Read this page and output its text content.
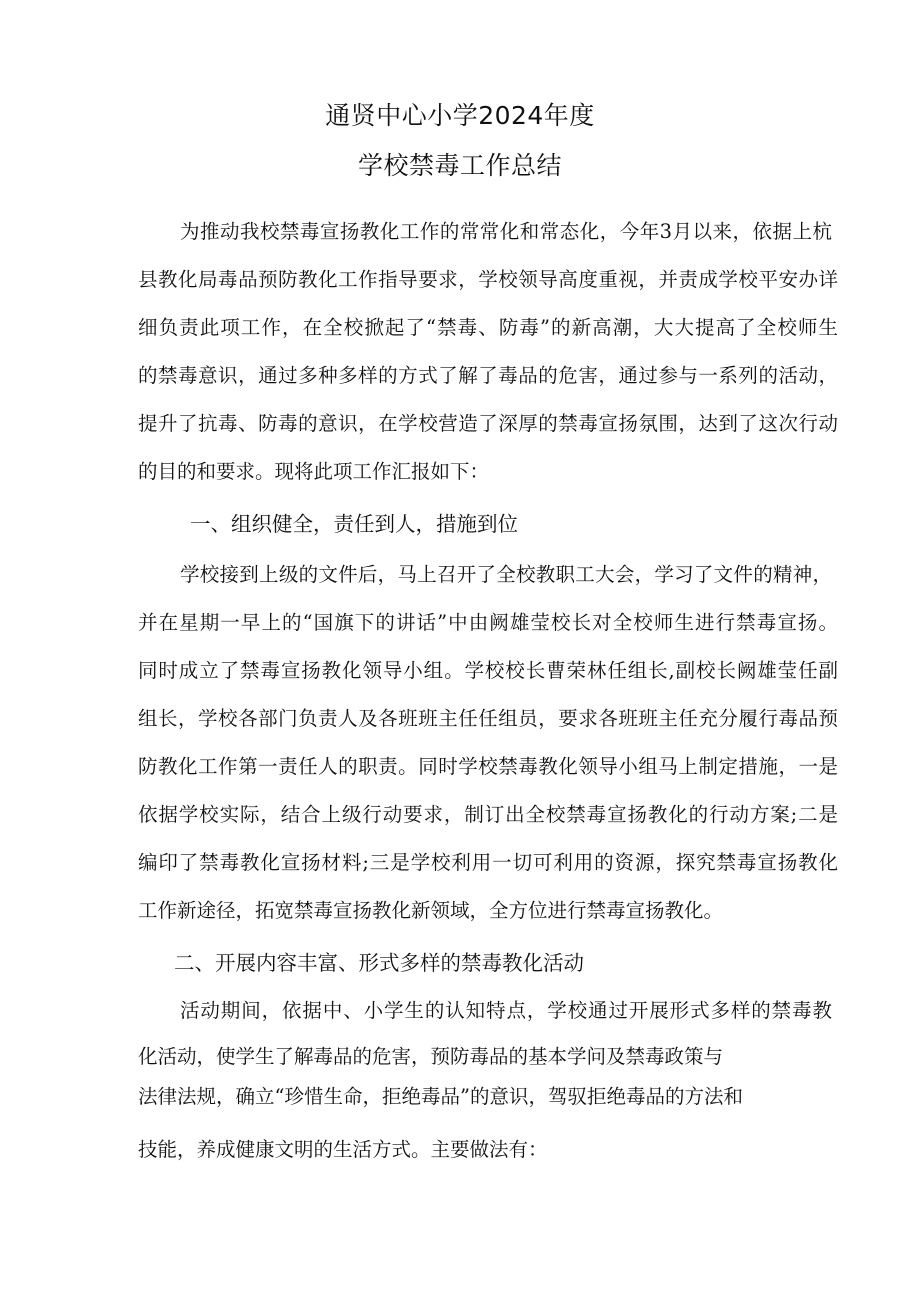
通贤中心小学2024年度
学校禁毒工作总结
为推动我校禁毒宣扬教化工作的常常化和常态化，今年3月以来，依据上杭
县教化局毒品预防教化工作指导要求，学校领导高度重视，并责成学校平安办详
细负责此项工作，在全校掀起了“禁毒、防毒”的新高潮，大大提高了全校师生
的禁毒意识，通过多种多样的方式了解了毒品的危害，通过参与一系列的活动，
提升了抗毒、防毒的意识，在学校营造了深厚的禁毒宣扬氛围，达到了这次行动
的目的和要求。现将此项工作汇报如下：
一、组织健全，责任到人，措施到位
学校接到上级的文件后，马上召开了全校教职工大会，学习了文件的精神，
并在星期一早上的“国旗下的讲话”中由阙雄莹校长对全校师生进行禁毒宣扬。
同时成立了禁毒宣扬教化领导小组。学校校长曹荣林任组长,副校长阙雄莹任副
组长，学校各部门负责人及各班班主任任组员，要求各班班主任充分履行毒品预
防教化工作第一责任人的职责。同时学校禁毒教化领导小组马上制定措施，一是
依据学校实际，结合上级行动要求，制订出全校禁毒宣扬教化的行动方案;二是
编印了禁毒教化宣扬材料;三是学校利用一切可利用的资源，探究禁毒宣扬教化
工作新途径，拓宽禁毒宣扬教化新领域，全方位进行禁毒宣扬教化。
二、开展内容丰富、形式多样的禁毒教化活动
活动期间，依据中、小学生的认知特点，学校通过开展形式多样的禁毒教
化活动，使学生了解毒品的危害，预防毒品的基本学问及禁毒政策与
法律法规，确立“珍惜生命，拒绝毒品”的意识，驾驭拒绝毒品的方法和
技能，养成健康文明的生活方式。主要做法有：
